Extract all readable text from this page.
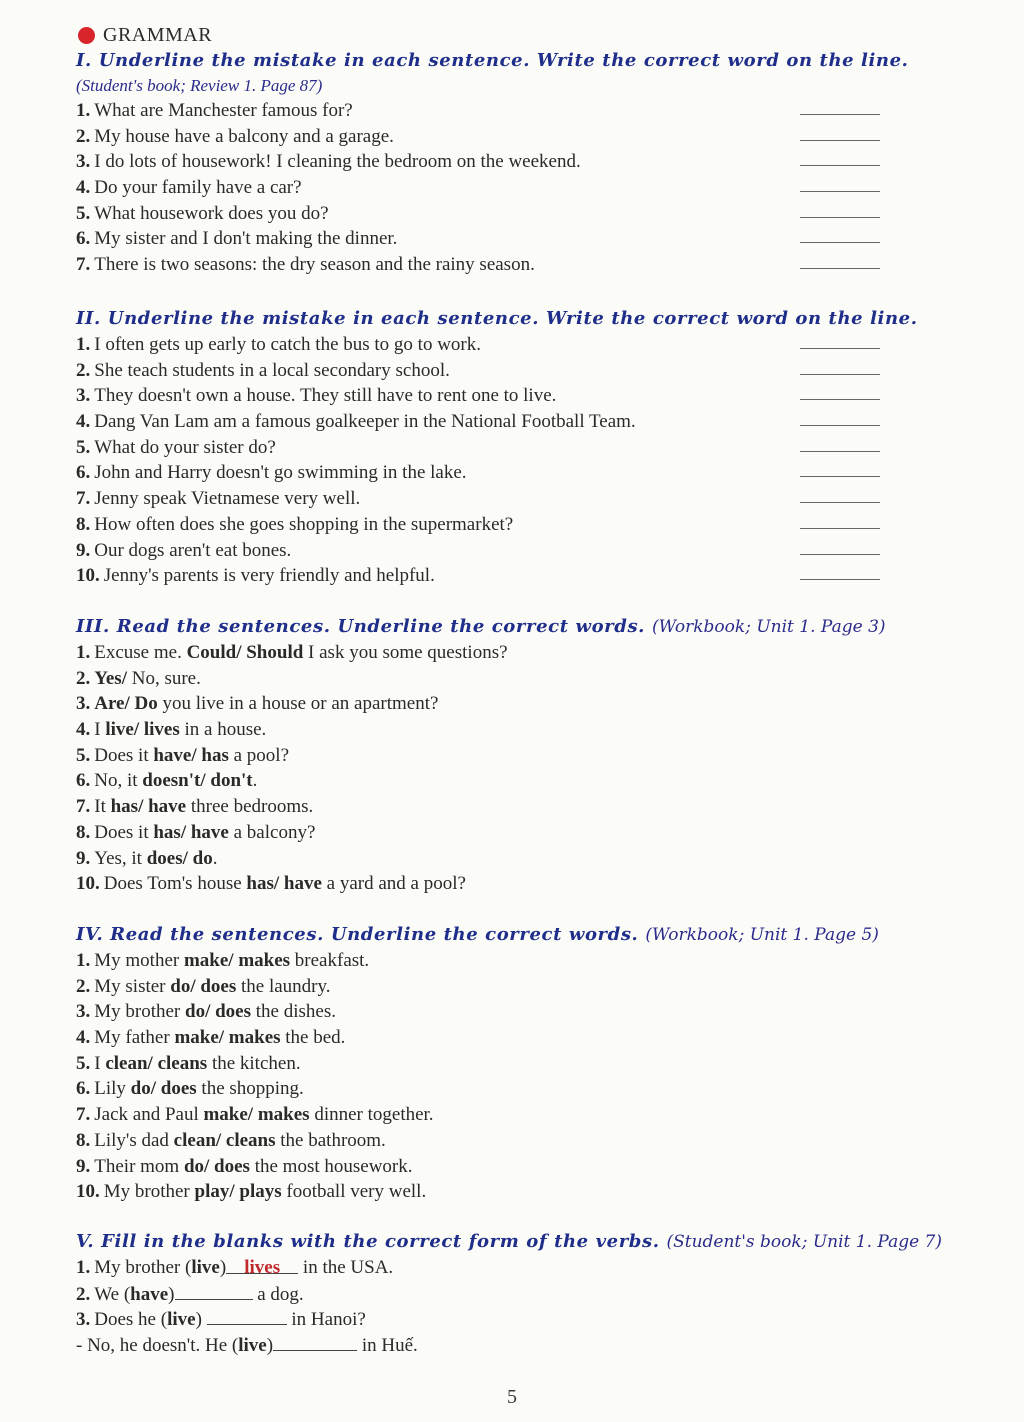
GRAMMAR
I. Underline the mistake in each sentence. Write the correct word on the line.
(Student's book; Review 1. Page 87)
1. What are Manchester famous for?
2. My house have a balcony and a garage.
3. I do lots of housework! I cleaning the bedroom on the weekend.
4. Do your family have a car?
5. What housework does you do?
6. My sister and I don't making the dinner.
7. There is two seasons: the dry season and the rainy season.
II. Underline the mistake in each sentence. Write the correct word on the line.
1. I often gets up early to catch the bus to go to work.
2. She teach students in a local secondary school.
3. They doesn't own a house. They still have to rent one to live.
4. Dang Van Lam am a famous goalkeeper in the National Football Team.
5. What do your sister do?
6. John and Harry doesn't go swimming in the lake.
7. Jenny speak Vietnamese very well.
8. How often does she goes shopping in the supermarket?
9. Our dogs aren't eat bones.
10. Jenny's parents is very friendly and helpful.
III. Read the sentences. Underline the correct words. (Workbook; Unit 1. Page 3)
1. Excuse me. Could/ Should I ask you some questions?
2. Yes/ No, sure.
3. Are/ Do you live in a house or an apartment?
4. I live/ lives in a house.
5. Does it have/ has a pool?
6. No, it doesn't/ don't.
7. It has/ have three bedrooms.
8. Does it has/ have a balcony?
9. Yes, it does/ do.
10. Does Tom's house has/ have a yard and a pool?
IV. Read the sentences. Underline the correct words. (Workbook; Unit 1. Page 5)
1. My mother make/ makes breakfast.
2. My sister do/ does the laundry.
3. My brother do/ does the dishes.
4. My father make/ makes the bed.
5. I clean/ cleans the kitchen.
6. Lily do/ does the shopping.
7. Jack and Paul make/ makes dinner together.
8. Lily's dad clean/ cleans the bathroom.
9. Their mom do/ does the most housework.
10. My brother play/ plays football very well.
V. Fill in the blanks with the correct form of the verbs. (Student's book; Unit 1. Page 7)
1. My brother (live) lives in the USA.
2. We (have)	a dog.
3. Does he (live)	in Hanoi?
- No, he doesn't. He (live)	in Huế.
5
